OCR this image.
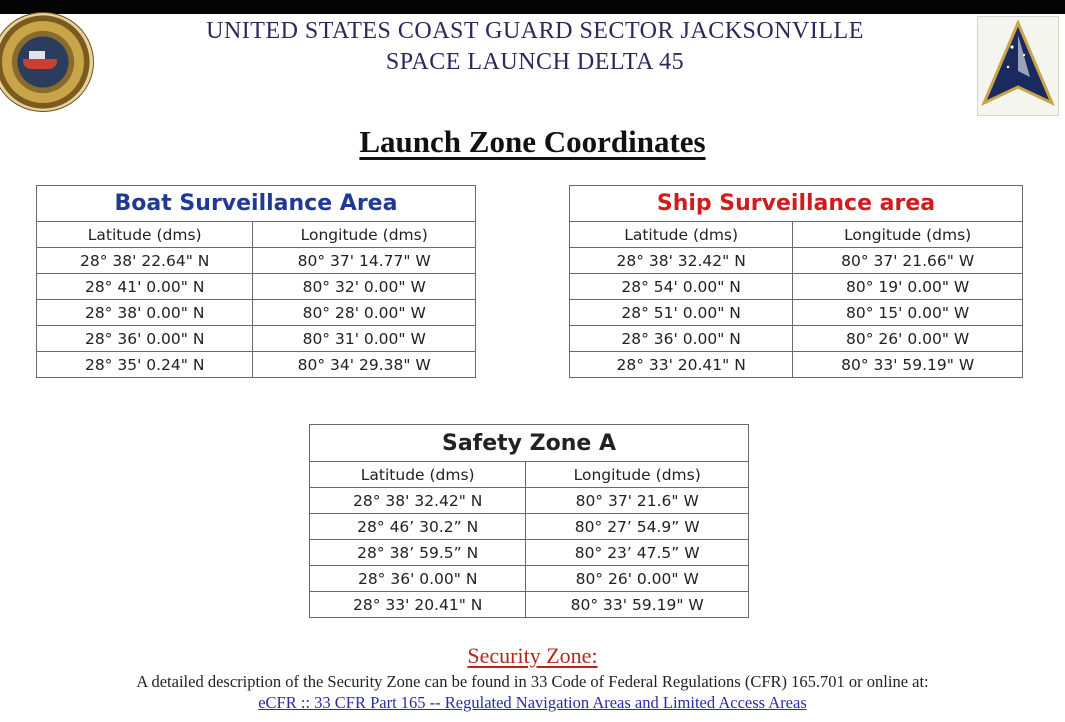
UNITED STATES COAST GUARD SECTOR JACKSONVILLE
SPACE LAUNCH DELTA 45
Launch Zone Coordinates
Boat Surveillance Area	
Latitude (dms)	Longitude (dms)
28° 38' 22.64" N	80° 37' 14.77" W
28° 41' 0.00" N	80° 32' 0.00" W
28° 38' 0.00" N	80° 28' 0.00" W
28° 36' 0.00" N	80° 31' 0.00" W
28° 35' 0.24" N	80° 34' 29.38" W
Ship Surveillance area	
Latitude (dms)	Longitude (dms)
28° 38' 32.42" N	80° 37' 21.66" W
28° 54' 0.00" N	80° 19' 0.00" W
28° 51' 0.00" N	80° 15' 0.00" W
28° 36' 0.00" N	80° 26' 0.00" W
28° 33' 20.41" N	80° 33' 59.19" W
Safety Zone A	
Latitude (dms)	Longitude (dms)
28° 38' 32.42" N	80° 37' 21.6" W
28° 46’ 30.2” N	80° 27’ 54.9” W
28° 38’ 59.5” N	80° 23’ 47.5” W
28° 36' 0.00" N	80° 26' 0.00" W
28° 33' 20.41" N	80° 33' 59.19" W
Security Zone:
A detailed description of the Security Zone can be found in 33 Code of Federal Regulations (CFR) 165.701 or online at:
eCFR :: 33 CFR Part 165 -- Regulated Navigation Areas and Limited Access Areas
